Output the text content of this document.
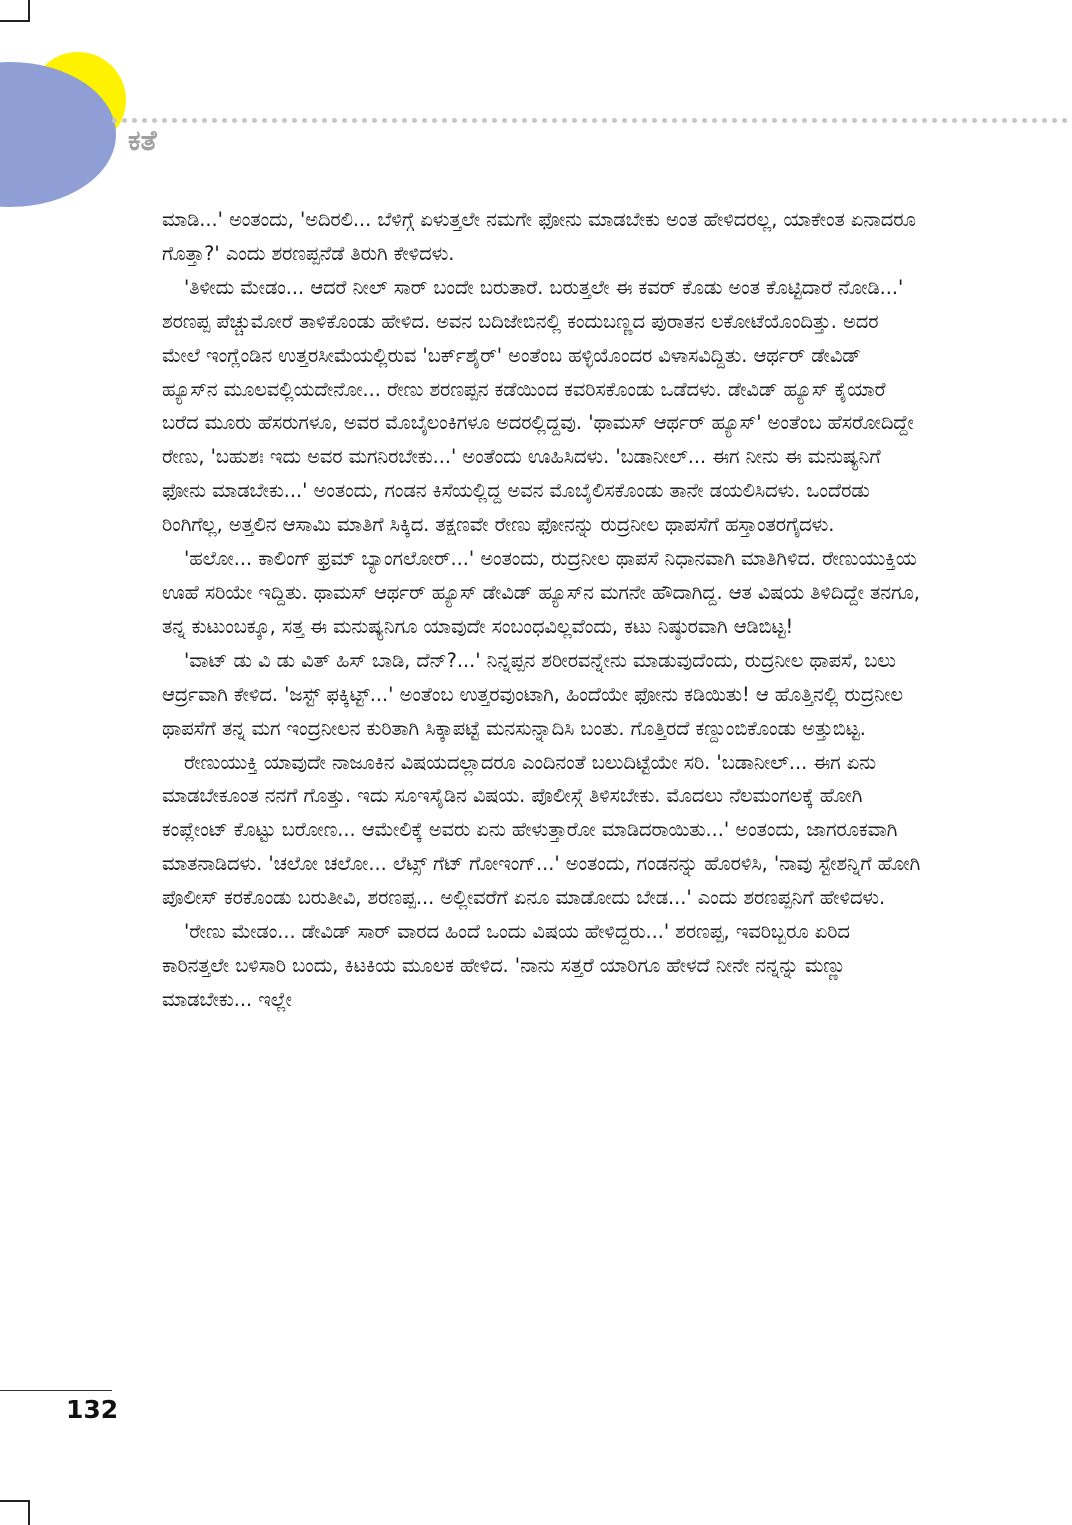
ಕತೆ

ಮಾಡಿ...' ಅಂತಂದು, 'ಅದಿರಲಿ... ಬೆಳಿಗ್ಗೆ ಏಳುತ್ತಲೇ ನಮಗೇ ಫೋನು ಮಾಡಬೇಕು ಅಂತ ಹೇಳಿದರಲ್ಲ, ಯಾಕೇಂತ ಏನಾದರೂ ಗೊತ್ತಾ?' ಎಂದು ಶರಣಪ್ಪನೆಡೆ ತಿರುಗಿ ಕೇಳಿದಳು.

'ತಿಳೀದು ಮೇಡಂ... ಆದರೆ ನೀಲ್ ಸಾರ್ ಬಂದೇ ಬರುತಾರೆ. ಬರುತ್ತಲೇ ಈ ಕವರ್ ಕೊಡು ಅಂತ ಕೊಟ್ಟಿದಾರೆ ನೋಡಿ...' ಶರಣಪ್ಪ ಪೆಚ್ಚುಮೋರೆ ತಾಳಿಕೊಂಡು ಹೇಳಿದ. ಅವನ ಬದಿಜೇಬಿನಲ್ಲಿ ಕಂದುಬಣ್ಣದ ಪುರಾತನ ಲಕೋಟೆಯೊಂದಿತ್ತು. ಅದರ ಮೇಲೆ ಇಂಗ್ಲೆಂಡಿನ ಉತ್ತರಸೀಮೆಯಲ್ಲಿರುವ 'ಬರ್ಕ್‌ಶೈರ್' ಅಂತೆಂಬ ಹಳ್ಳಿಯೊಂದರ ವಿಳಾಸವಿದ್ದಿತು. ಆರ್ಥರ್ ಡೇವಿಡ್ ಹ್ಯೂಸ್‌ನ ಮೂಲವಲ್ಲಿಯದೇನೋ... ರೇಣು ಶರಣಪ್ಪನ ಕಡೆಯಿಂದ ಕವರಿಸಕೊಂಡು ಒಡೆದಳು. ಡೇವಿಡ್ ಹ್ಯೂಸ್ ಕೈಯಾರೆ ಬರೆದ ಮೂರು ಹೆಸರುಗಳೂ, ಅವರ ಮೊಬೈಲಂಕಿಗಳೂ ಅದರಲ್ಲಿದ್ದವು. 'ಥಾಮಸ್ ಆರ್ಥರ್ ಹ್ಯೂಸ್' ಅಂತೆಂಬ ಹೆಸರೋದಿದ್ದೇ ರೇಣು, 'ಬಹುಶಃ ಇದು ಅವರ ಮಗನಿರಬೇಕು...' ಅಂತೆಂದು ಊಹಿಸಿದಳು. 'ಬಡಾನೀಲ್... ಈಗ ನೀನು ಈ ಮನುಷ್ಯನಿಗೆ ಫೋನು ಮಾಡಬೇಕು...' ಅಂತಂದು, ಗಂಡನ ಕಿಸೆಯಲ್ಲಿದ್ದ ಅವನ ಮೊಬೈಲಿಸಕೊಂಡು ತಾನೇ ಡಯಲಿಸಿದಳು. ಒಂದೆರಡು ರಿಂಗಿಗೆಲ್ಲ, ಅತ್ತಲಿನ ಆಸಾಮಿ ಮಾತಿಗೆ ಸಿಕ್ಕಿದ. ತಕ್ಷಣವೇ ರೇಣು ಫೋನನ್ನು ರುದ್ರನೀಲ ಥಾಪಸೆಗೆ ಹಸ್ತಾಂತರಗೈದಳು.

'ಹಲೋ... ಕಾಲಿಂಗ್ ಫ್ರಮ್ ಬ್ಯಾಂಗಲೋರ್...' ಅಂತಂದು, ರುದ್ರನೀಲ ಥಾಪಸೆ ನಿಧಾನವಾಗಿ ಮಾತಿಗಿಳಿದ. ರೇಣುಯುಕ್ತಿಯ ಊಹೆ ಸರಿಯೇ ಇದ್ದಿತು. ಥಾಮಸ್ ಆರ್ಥರ್ ಹ್ಯೂಸ್ ಡೇವಿಡ್ ಹ್ಯೂಸ್‌ನ ಮಗನೇ ಹೌದಾಗಿದ್ದ. ಆತ ವಿಷಯ ತಿಳಿದಿದ್ದೇ ತನಗೂ, ತನ್ನ ಕುಟುಂಬಕ್ಕೂ, ಸತ್ತ ಈ ಮನುಷ್ಯನಿಗೂ ಯಾವುದೇ ಸಂಬಂಧವಿಲ್ಲವೆಂದು, ಕಟು ನಿಷ್ಠುರವಾಗಿ ಆಡಿಬಿಟ್ಟ!

'ವಾಟ್ ಡು ವಿ ಡು ವಿತ್ ಹಿಸ್ ಬಾಡಿ, ದೆನ್?...' ನಿನ್ನಪ್ಪನ ಶರೀರವನ್ನೇನು ಮಾಡುವುದೆಂದು, ರುದ್ರನೀಲ ಥಾಪಸೆ, ಬಲು ಆರ್ದ್ರವಾಗಿ ಕೇಳಿದ. 'ಜಸ್ಟ್ ಫಕ್ಕಿಟ್ಟ್...' ಅಂತೆಂಬ ಉತ್ತರವುಂಟಾಗಿ, ಹಿಂದೆಯೇ ಫೋನು ಕಡಿಯಿತು! ಆ ಹೊತ್ತಿನಲ್ಲಿ ರುದ್ರನೀಲ ಥಾಪಸೆಗೆ ತನ್ನ ಮಗ ಇಂದ್ರನೀಲನ ಕುರಿತಾಗಿ ಸಿಕ್ಕಾಪಟ್ಟೆ ಮನಸುನ್ನಾದಿಸಿ ಬಂತು. ಗೊತ್ತಿರದೆ ಕಣ್ದುಂಬಿಕೊಂಡು ಅತ್ತುಬಿಟ್ಟ.

ರೇಣುಯುಕ್ತಿ ಯಾವುದೇ ನಾಜೂಕಿನ ವಿಷಯದಲ್ಲಾದರೂ ಎಂದಿನಂತೆ ಬಲುದಿಟ್ಟೆಯೇ ಸರಿ. 'ಬಡಾನೀಲ್... ಈಗ ಏನು ಮಾಡಬೇಕೂಂತ ನನಗೆ ಗೊತ್ತು. ಇದು ಸೂಇಸೈಡಿನ ವಿಷಯ. ಪೊಲೀಸ್ಗೆ ತಿಳಿಸಬೇಕು. ಮೊದಲು ನೆಲಮಂಗಲಕ್ಕೆ ಹೋಗಿ ಕಂಪ್ಲೇಂಟ್ ಕೊಟ್ಟು ಬರೋಣ... ಆಮೇಲಿಕ್ಕೆ ಅವರು ಏನು ಹೇಳುತ್ತಾರೋ ಮಾಡಿದರಾಯಿತು...' ಅಂತಂದು, ಜಾಗರೂಕವಾಗಿ ಮಾತನಾಡಿದಳು. 'ಚಲೋ ಚಲೋ... ಲೆಟ್ಸ್ ಗೆಟ್ ಗೋಇಂಗ್...' ಅಂತಂದು, ಗಂಡನನ್ನು ಹೊರಳಿಸಿ, 'ನಾವು ಸ್ಟೇಶನ್ನಿಗೆ ಹೋಗಿ ಪೊಲೀಸ್ ಕರಕೊಂಡು ಬರುತೀವಿ, ಶರಣಪ್ಪ... ಅಲ್ಲೀವರೆಗೆ ಏನೂ ಮಾಡೋದು ಬೇಡ...' ಎಂದು ಶರಣಪ್ಪನಿಗೆ ಹೇಳಿದಳು.

'ರೇಣು ಮೇಡಂ... ಡೇವಿಡ್ ಸಾರ್ ವಾರದ ಹಿಂದೆ ಒಂದು ವಿಷಯ ಹೇಳಿದ್ದರು...' ಶರಣಪ್ಪ, ಇವರಿಬ್ಬರೂ ಏರಿದ ಕಾರಿನತ್ತಲೇ ಬಳಿಸಾರಿ ಬಂದು, ಕಿಟಕಿಯ ಮೂಲಕ ಹೇಳಿದ. 'ನಾನು ಸತ್ತರೆ ಯಾರಿಗೂ ಹೇಳದೆ ನೀನೇ ನನ್ನನ್ನು ಮಣ್ಣು ಮಾಡಬೇಕು... ಇಲ್ಲೇ

132
